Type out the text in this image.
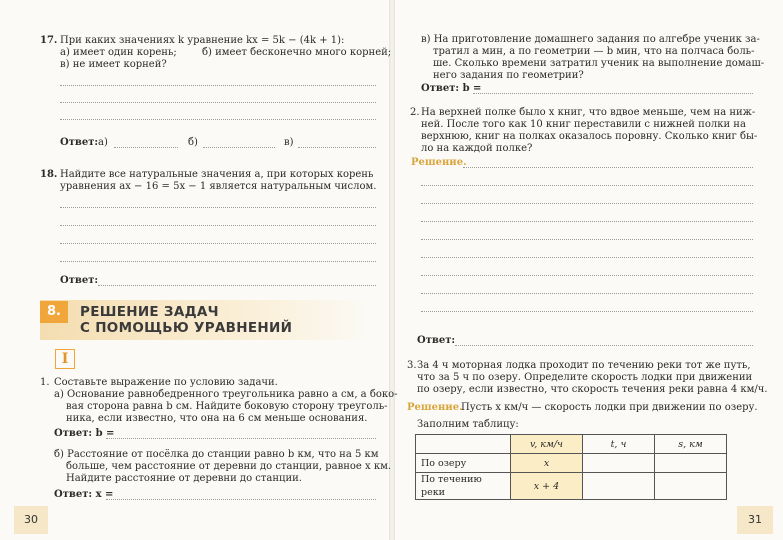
17. При каких значениях k уравнение kx = 5k − (4k + 1):
а) имеет один корень;	б) имеет бесконечно много корней;
в) не имеет корней?
Ответ: а)	б)	в)
18. Найдите все натуральные значения a, при которых корень
уравнения ax − 16 = 5x − 1 является натуральным числом.
Ответ:
8.	РЕШЕНИЕ ЗАДАЧ
С ПОМОЩЬЮ УРАВНЕНИЙ
I
1. Составьте выражение по условию задачи.
а) Основание равнобедренного треугольника равно a см, а боко-
вая сторона равна b см. Найдите боковую сторону треуголь-
ника, если известно, что она на 6 см меньше основания.
Ответ: b =
б) Расстояние от посёлка до станции равно b км, что на 5 км
больше, чем расстояние от деревни до станции, равное x км.
Найдите расстояние от деревни до станции.
Ответ: x =
30
в) На приготовление домашнего задания по алгебре ученик за-
тратил a мин, а по геометрии — b мин, что на полчаса боль-
ше. Сколько времени затратил ученик на выполнение домаш-
него задания по геометрии?
Ответ: b =
2. На верхней полке было x книг, что вдвое меньше, чем на ниж-
ней. После того как 10 книг переставили с нижней полки на
верхнюю, книг на полках оказалось поровну. Сколько книг бы-
ло на каждой полке?
Решение.
Ответ:
3. За 4 ч моторная лодка проходит по течению реки тот же путь,
что за 5 ч по озеру. Определите скорость лодки при движении
по озеру, если известно, что скорость течения реки равна 4 км/ч.
Решение.
Пусть x км/ч — скорость лодки при движении по озеру.
Заполним таблицу:
	v, км/ч	t, ч	s, км
По озеру	x		
По течению реки	x + 4		
31
